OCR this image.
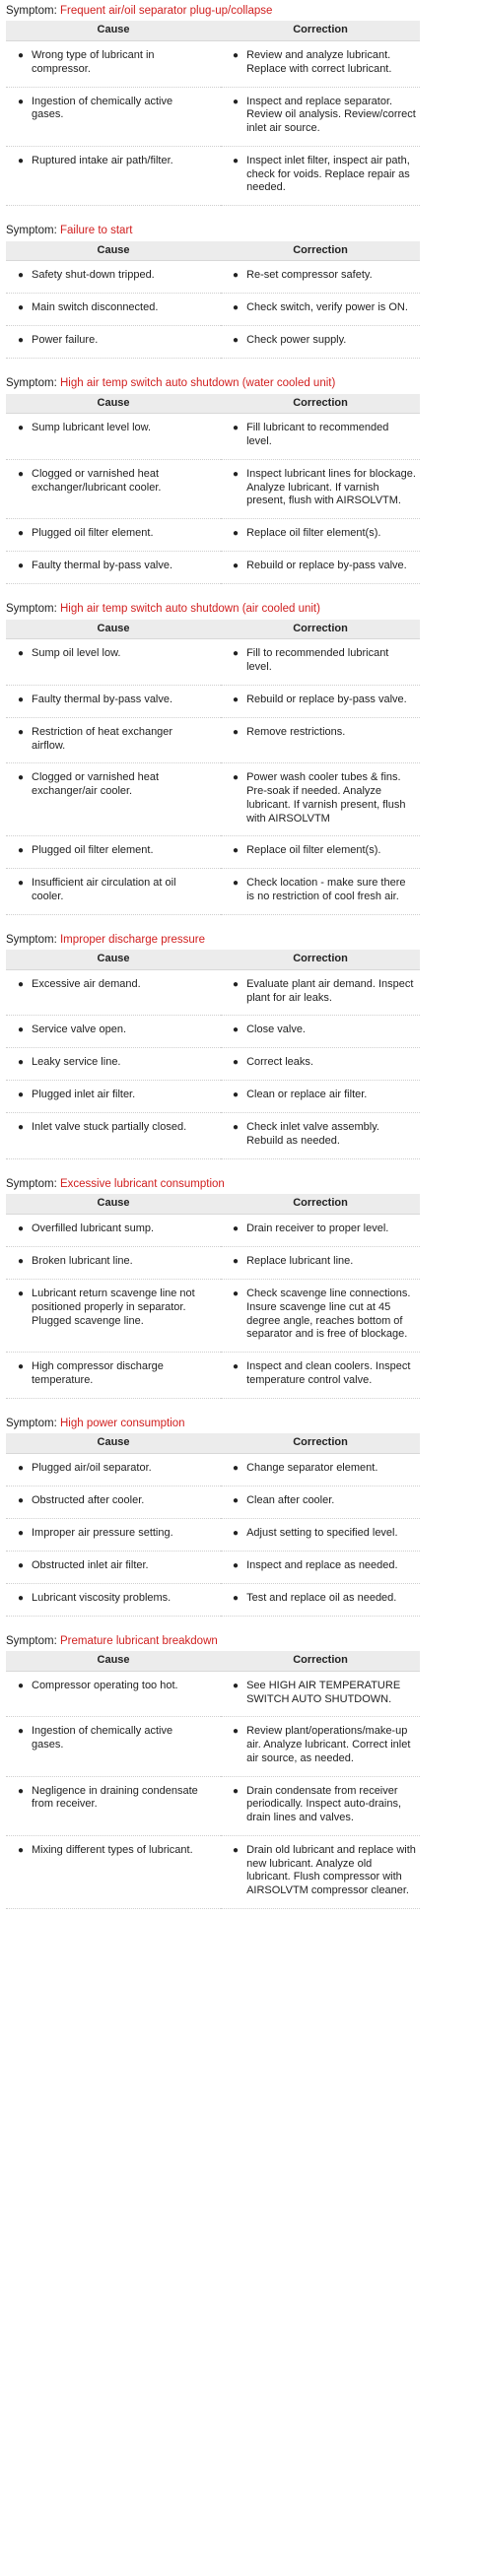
Symptom: Frequent air/oil separator plug-up/collapse
Cause	Correction

● Wrong type of lubricant in compressor.	● Review and analyze lubricant. Replace with correct lubricant.

● Ingestion of chemically active gases.	● Inspect and replace separator. Review oil analysis. Review/correct inlet air source.

● Ruptured intake air path/filter.	● Inspect inlet filter, inspect air path, check for voids. Replace repair as needed.
Symptom: Failure to start
Cause	Correction

● Safety shut-down tripped.	● Re-set compressor safety.

● Main switch disconnected.	● Check switch, verify power is ON.

● Power failure.	● Check power supply.
Symptom: High air temp switch auto shutdown (water cooled unit)
Cause	Correction

● Sump lubricant level low.	● Fill lubricant to recommended level.

● Clogged or varnished heat exchanger/lubricant cooler.	● Inspect lubricant lines for blockage. Analyze lubricant. If varnish present, flush with AIRSOLVTM.

● Plugged oil filter element.	● Replace oil filter element(s).

● Faulty thermal by-pass valve.	● Rebuild or replace by-pass valve.
Symptom: High air temp switch auto shutdown (air cooled unit)
Cause	Correction

● Sump oil level low.	● Fill to recommended lubricant level.

● Faulty thermal by-pass valve.	● Rebuild or replace by-pass valve.

● Restriction of heat exchanger airflow.	● Remove restrictions.

● Clogged or varnished heat exchanger/air cooler.	● Power wash cooler tubes & fins. Pre-soak if needed. Analyze lubricant. If varnish present, flush with AIRSOLVTM

● Plugged oil filter element.	● Replace oil filter element(s).

● Insufficient air circulation at oil cooler.	● Check location - make sure there is no restriction of cool fresh air.
Symptom: Improper discharge pressure
Cause	Correction

● Excessive air demand.	● Evaluate plant air demand. Inspect plant for air leaks.

● Service valve open.	● Close valve.

● Leaky service line.	● Correct leaks.

● Plugged inlet air filter.	● Clean or replace air filter.

● Inlet valve stuck partially closed.	● Check inlet valve assembly. Rebuild as needed.
Symptom: Excessive lubricant consumption
Cause	Correction

● Overfilled lubricant sump.	● Drain receiver to proper level.

● Broken lubricant line.	● Replace lubricant line.

● Lubricant return scavenge line not positioned properly in separator. Plugged scavenge line.	● Check scavenge line connections. Insure scavenge line cut at 45 degree angle, reaches bottom of separator and is free of blockage.

● High compressor discharge temperature.	● Inspect and clean coolers. Inspect temperature control valve.
Symptom: High power consumption
Cause	Correction

● Plugged air/oil separator.	● Change separator element.

● Obstructed after cooler.	● Clean after cooler.

● Improper air pressure setting.	● Adjust setting to specified level.

● Obstructed inlet air filter.	● Inspect and replace as needed.

● Lubricant viscosity problems.	● Test and replace oil as needed.
Symptom: Premature lubricant breakdown
Cause	Correction

● Compressor operating too hot.	● See HIGH AIR TEMPERATURE SWITCH AUTO SHUTDOWN.

● Ingestion of chemically active gases.	● Review plant/operations/make-up air. Analyze lubricant. Correct inlet air source, as needed.

● Negligence in draining condensate from receiver.	● Drain condensate from receiver periodically. Inspect auto-drains, drain lines and valves.

● Mixing different types of lubricant.	● Drain old lubricant and replace with new lubricant. Analyze old lubricant. Flush compressor with AIRSOLVTM compressor cleaner.
